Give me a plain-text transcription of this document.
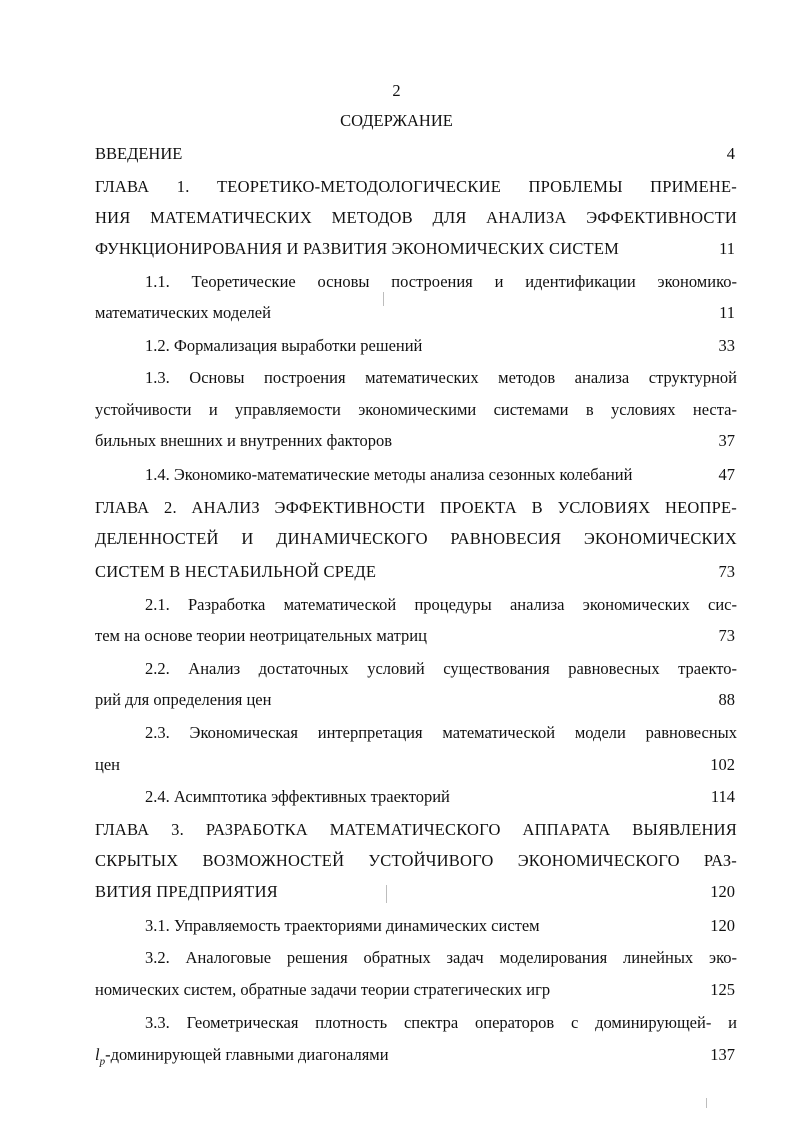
2
СОДЕРЖАНИЕ
ВВЕДЕНИЕ	4
ГЛАВА 1. ТЕОРЕТИКО-МЕТОДОЛОГИЧЕСКИЕ ПРОБЛЕМЫ ПРИМЕНЕ-
НИЯ МАТЕМАТИЧЕСКИХ МЕТОДОВ ДЛЯ АНАЛИЗА ЭФФЕКТИВНОСТИ
ФУНКЦИОНИРОВАНИЯ И РАЗВИТИЯ ЭКОНОМИЧЕСКИХ СИСТЕМ	11
1.1. Теоретические основы построения и идентификации экономико-
математических моделей	11
1.2. Формализация выработки решений	33
1.3. Основы построения математических методов анализа структурной
устойчивости и управляемости экономическими системами в условиях неста-
бильных внешних и внутренних факторов	37
1.4. Экономико-математические методы анализа сезонных колебаний	47
ГЛАВА 2. АНАЛИЗ ЭФФЕКТИВНОСТИ ПРОЕКТА В УСЛОВИЯХ НЕОПРЕ-
ДЕЛЕННОСТЕЙ И ДИНАМИЧЕСКОГО РАВНОВЕСИЯ ЭКОНОМИЧЕСКИХ
СИСТЕМ В НЕСТАБИЛЬНОЙ СРЕДЕ	73
2.1. Разработка математической процедуры анализа экономических сис-
тем на основе теории неотрицательных матриц	73
2.2. Анализ достаточных условий существования равновесных траекто-
рий для определения цен	88
2.3. Экономическая интерпретация математической модели равновесных
цен	102
2.4. Асимптотика эффективных траекторий	114
ГЛАВА 3. РАЗРАБОТКА МАТЕМАТИЧЕСКОГО АППАРАТА ВЫЯВЛЕНИЯ
СКРЫТЫХ ВОЗМОЖНОСТЕЙ УСТОЙЧИВОГО ЭКОНОМИЧЕСКОГО РАЗ-
ВИТИЯ ПРЕДПРИЯТИЯ	120
3.1. Управляемость траекториями динамических систем	120
3.2. Аналоговые решения обратных задач моделирования линейных эко-
номических систем, обратные задачи теории стратегических игр	125
3.3. Геометрическая плотность спектра операторов с доминирующей- и
$l_p$-доминирующей главными диагоналями	137
